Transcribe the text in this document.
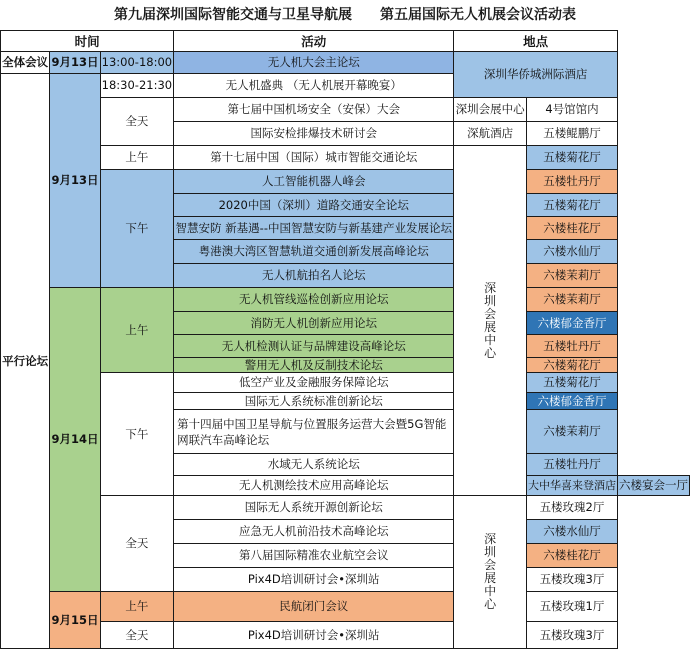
第九届深圳国际智能交通与卫星导航展　　第五届国际无人机展会议活动表
时间			活动	地点		
全体会议	9月13日	13:00-18:00	无人机大会主论坛	深圳华侨城洲际酒店		
平行论坛	9月13日	18:30-21:30	无人机盛典 （无人机展开幕晚宴）			
		全天	第七届中国机场安全（安保）大会	深圳会展中心	4号馆馆内	
			国际安检排爆技术研讨会	深航酒店	五楼鲲鹏厅	
		上午	第十七届中国（国际）城市智能交通论坛	深圳会展中心	五楼菊花厅	
		下午	人工智能机器人峰会		五楼牡丹厅	
			2020中国（深圳）道路交通安全论坛		五楼菊花厅	
			智慧安防 新基遇--中国智慧安防与新基建产业发展论坛		六楼桂花厅	
			粤港澳大湾区智慧轨道交通创新发展高峰论坛		六楼水仙厅	
			无人机航拍名人论坛		六楼茉莉厅	
	9月14日	上午	无人机管线巡检创新应用论坛		六楼茉莉厅	
			消防无人机创新应用论坛		六楼郁金香厅	
			无人机检测认证与品牌建设高峰论坛		五楼牡丹厅	
			警用无人机及反制技术论坛		六楼菊花厅	
		下午	低空产业及金融服务保障论坛		五楼菊花厅	
			国际无人系统标准创新论坛		六楼郁金香厅	
			第十四届中国卫星导航与位置服务运营大会暨5G智能网联汽车高峰论坛		六楼茉莉厅	
			水域无人系统论坛		五楼牡丹厅	
			无人机测绘技术应用高峰论坛		大中华喜来登酒店	六楼宴会一厅
		全天	国际无人系统开源创新论坛	深圳会展中心	五楼玫瑰2厅	
			应急无人机前沿技术高峰论坛		六楼水仙厅	
			第八届国际精准农业航空会议		六楼桂花厅	
			Pix4D培训研讨会•深圳站		五楼玫瑰3厅	
	9月15日	上午	民航闭门会议		五楼玫瑰1厅	
		全天	Pix4D培训研讨会•深圳站		五楼玫瑰3厅	
